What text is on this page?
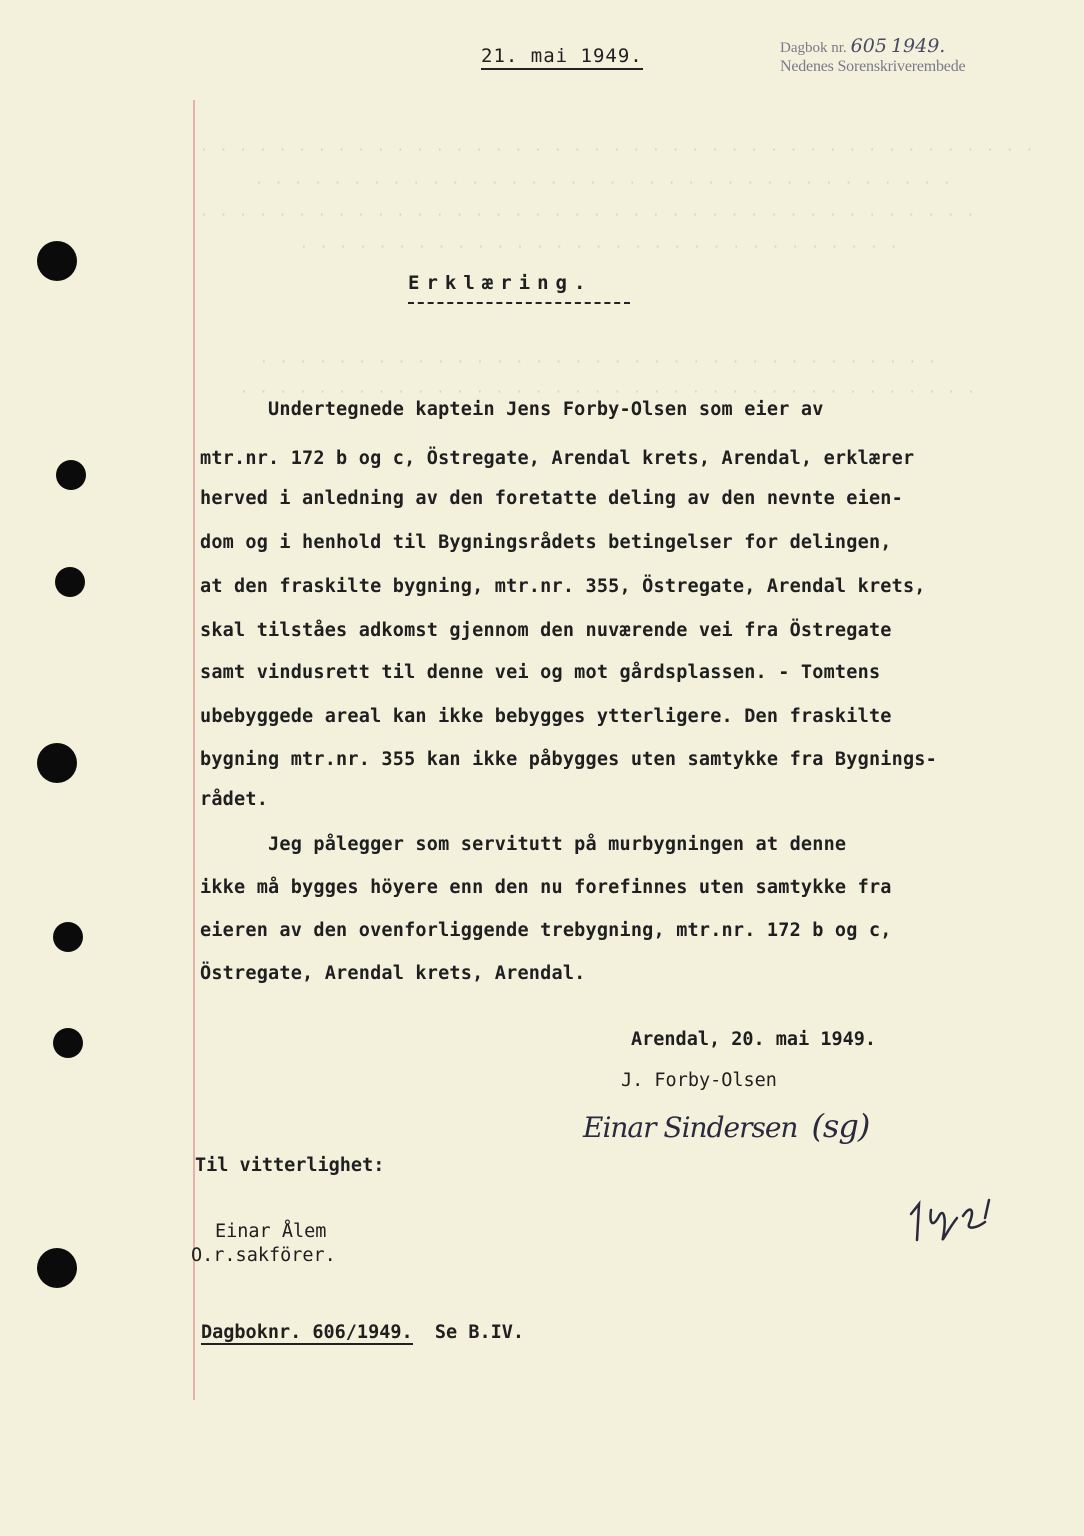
· · · · · · · · · · · · · · · · · · · · · · · · · · · · · · · · · · · · · · · · · · ·
· · · · · · · · · · · · · · · · · · · · · · · · · · · · · · · · · · · ·
· · · · · · · · · · · · · · · · · · · · · · · · · · · · · · · · · · · · · · · ·
· · · · · · · · · · · · · · · · · · · · · · · · · · · · · · ·
· · · · · · · · · · · · · · · · · · · · · · · · · · · · · · · · · · ·
· · · · · · · · · · · · · · · · · · · · · · · · · · · · · · · · · · · · · ·
21. mai 1949.	Dagbok nr. 605 1949.
Nedenes Sorenskriverembede
Erklæring.
Undertegnede kaptein Jens Forby-Olsen som eier av
mtr.nr. 172 b og c, Östregate, Arendal krets, Arendal, erklærer
herved i anledning av den foretatte deling av den nevnte eien-
dom og i henhold til Bygningsrådets betingelser for delingen,
at den fraskilte bygning, mtr.nr. 355, Östregate, Arendal krets,
skal tilståes adkomst gjennom den nuværende vei fra Östregate
samt vindusrett til denne vei og mot gårdsplassen. - Tomtens
ubebyggede areal kan ikke bebygges ytterligere. Den fraskilte
bygning mtr.nr. 355 kan ikke påbygges uten samtykke fra Bygnings-
rådet.
Jeg pålegger som servitutt på murbygningen at denne
ikke må bygges höyere enn den nu forefinnes uten samtykke fra
eieren av den ovenforliggende trebygning, mtr.nr. 172 b og c,
Östregate, Arendal krets, Arendal.
Arendal, 20. mai 1949.
J. Forby-Olsen
Einar Sindersen (sg)
Til vitterlighet:
Einar Ålem
O.r.sakförer.
Dagboknr. 606/1949. Se B.IV.
